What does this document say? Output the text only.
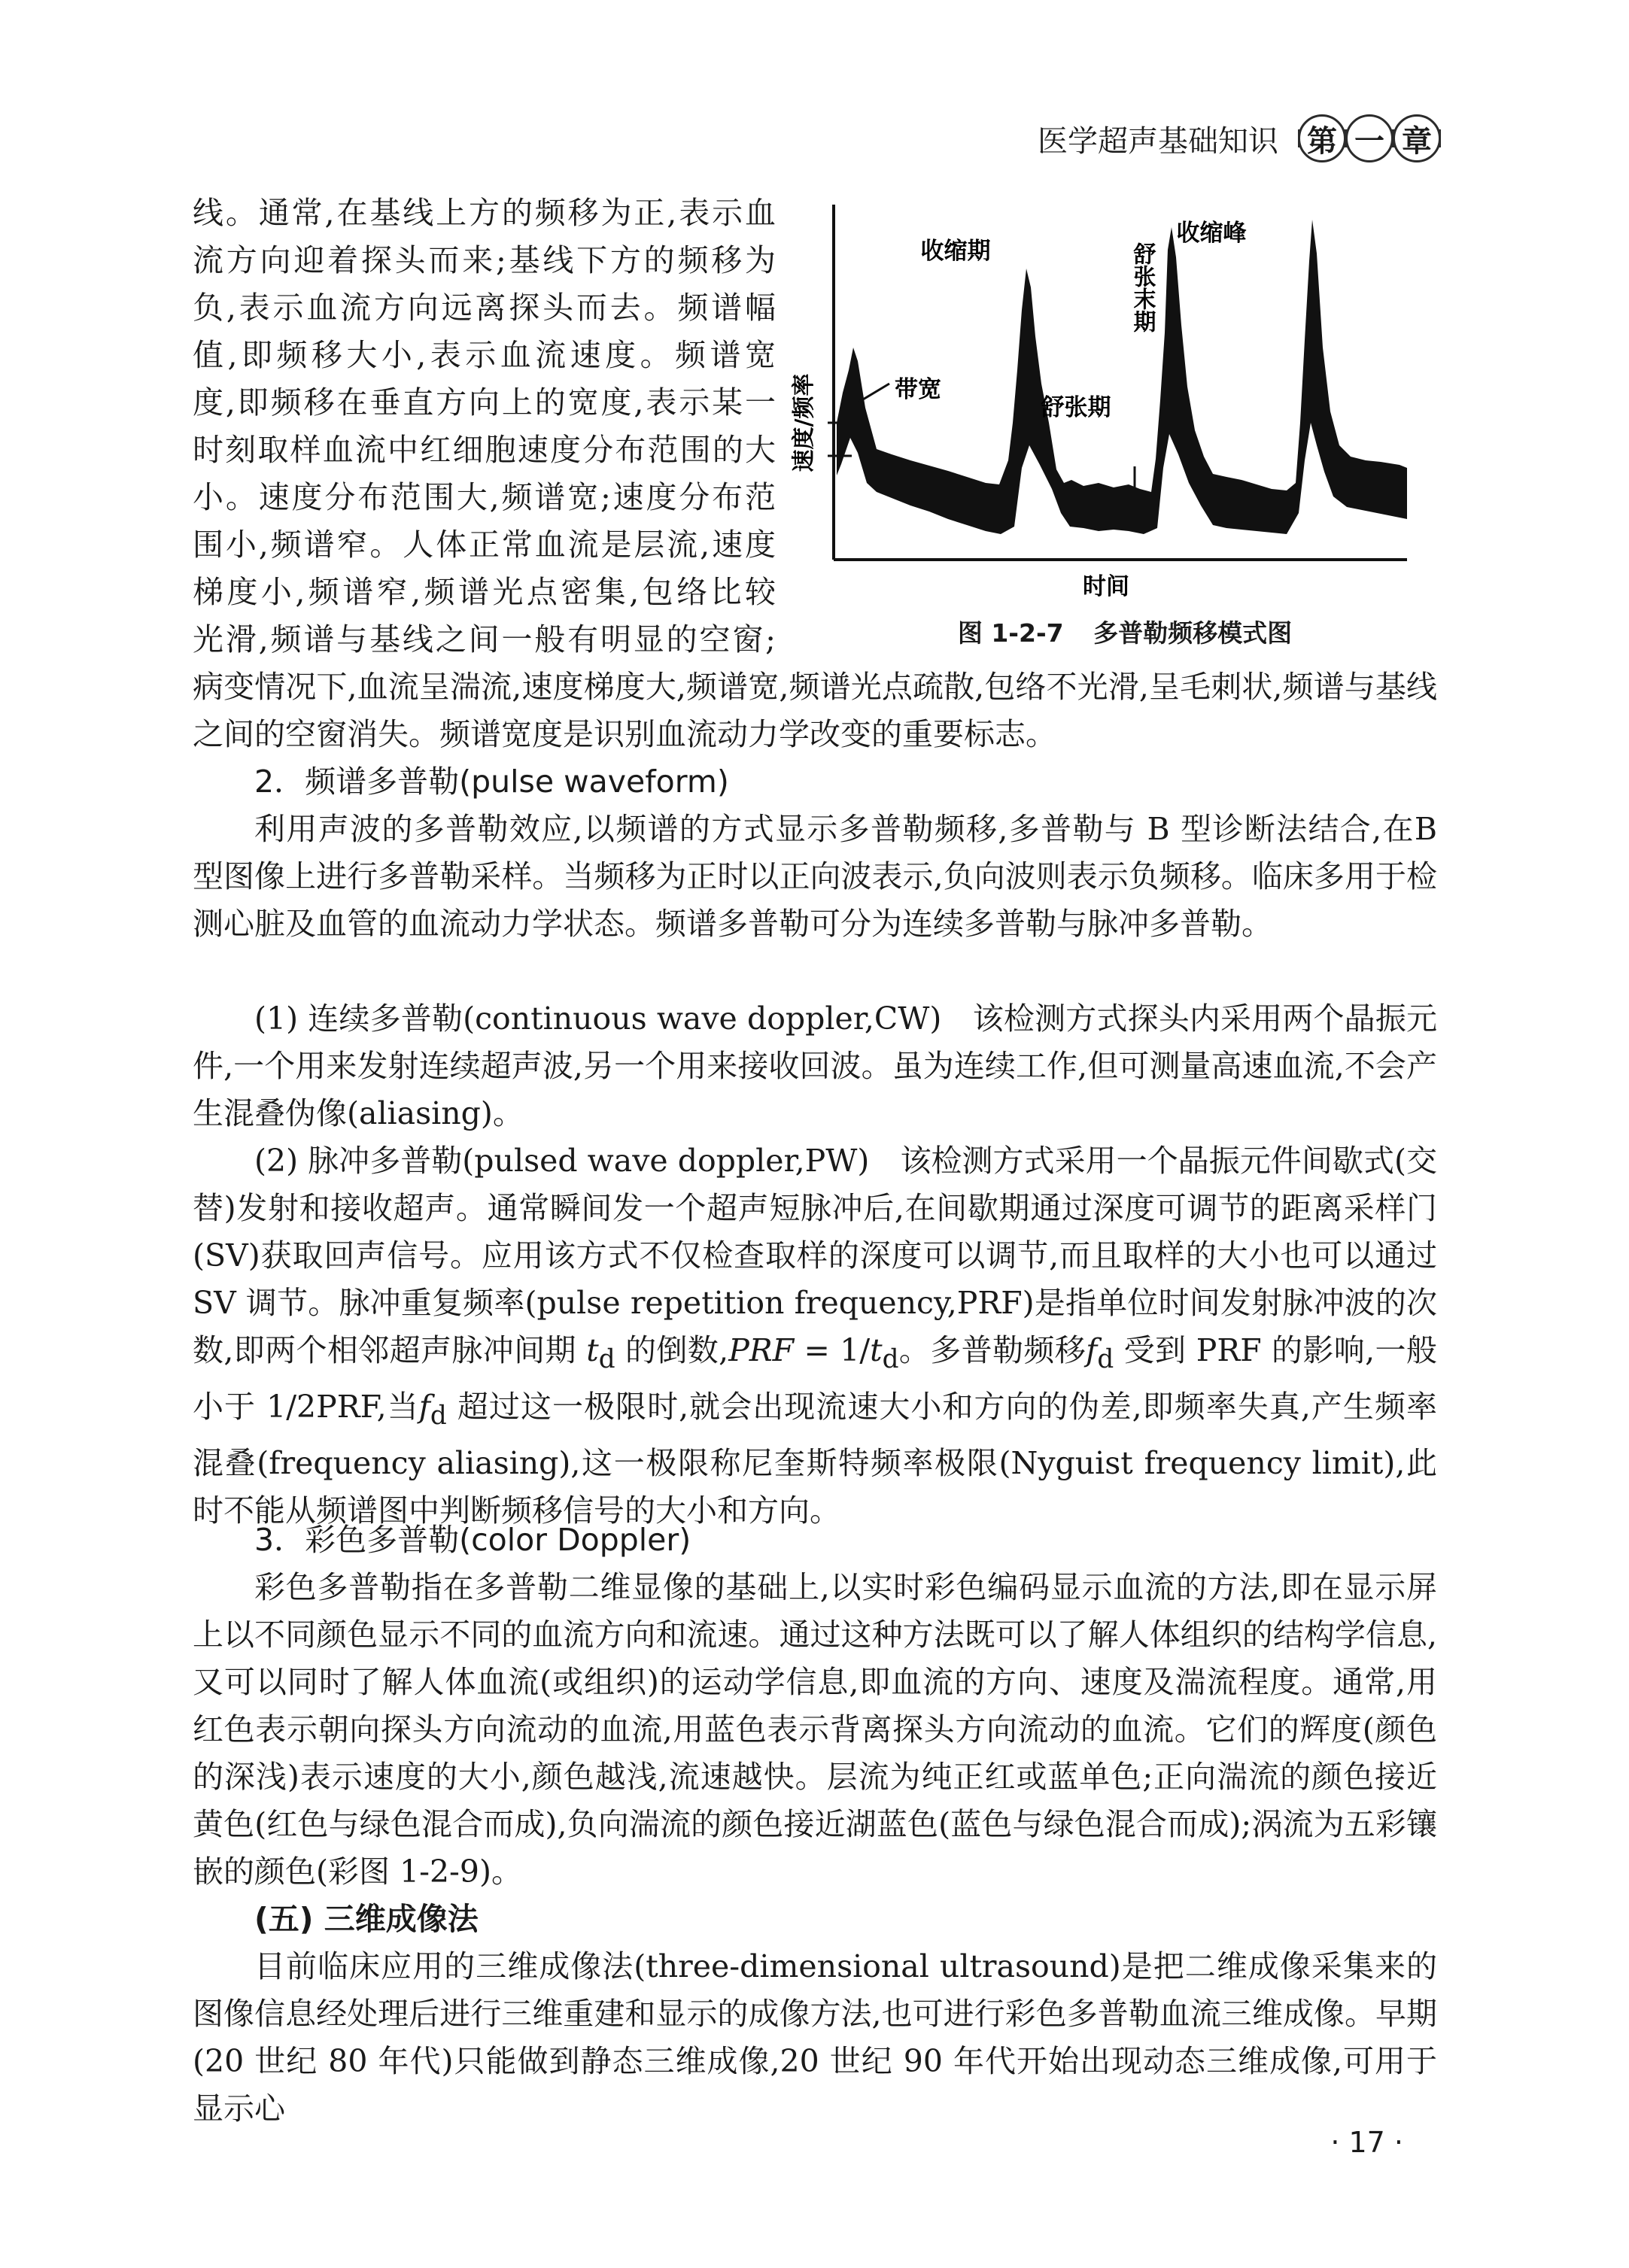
医学超声基础知识 第 一 章
线。通常,在基线上方的频移为正,表示血
流方向迎着探头而来;基线下方的频移为
负,表示血流方向远离探头而去。频谱幅
值,即频移大小,表示血流速度。频谱宽
度,即频移在垂直方向上的宽度,表示某一
时刻取样血流中红细胞速度分布范围的大
小。速度分布范围大,频谱宽;速度分布范
围小,频谱窄。人体正常血流是层流,速度
梯度小,频谱窄,频谱光点密集,包络比较
光滑,频谱与基线之间一般有明显的空窗;
速度/频率
收缩期
收缩峰
带宽
舒张期
舒张末期
时间
图 1-2-7 多普勒频移模式图

病变情况下,血流呈湍流,速度梯度大,频谱宽,频谱光点疏散,包络不光滑,呈毛刺状,频谱与基线之间的空窗消失。频谱宽度是识别血流动力学改变的重要标志。

2．频谱多普勒(pulse waveform)

利用声波的多普勒效应,以频谱的方式显示多普勒频移,多普勒与 B 型诊断法结合,在B 型图像上进行多普勒采样。当频移为正时以正向波表示,负向波则表示负频移。临床多用于检测心脏及血管的血流动力学状态。频谱多普勒可分为连续多普勒与脉冲多普勒。

(1) 连续多普勒(continuous wave doppler,CW)　 该检测方式探头内采用两个晶振元件,一个用来发射连续超声波,另一个用来接收回波。虽为连续工作,但可测量高速血流,不会产生混叠伪像(aliasing)。

(2) 脉冲多普勒(pulsed wave doppler,PW)　 该检测方式采用一个晶振元件间歇式(交替)发射和接收超声。通常瞬间发一个超声短脉冲后,在间歇期通过深度可调节的距离采样门(SV)获取回声信号。应用该方式不仅检查取样的深度可以调节,而且取样的大小也可以通过 SV 调节。脉冲重复频率(pulse repetition frequency,PRF)是指单位时间发射脉冲波的次数,即两个相邻超声脉冲间期 $t_d$ 的倒数$,PRF = 1/t_d$。多普勒频移$f_d$ 受到 PRF 的影响,一般小于 1/2PRF,当$f_d$ 超过这一极限时,就会出现流速大小和方向的伪差,即频率失真,产生频率混叠(frequency aliasing),这一极限称尼奎斯特频率极限(Nyguist frequency limit),此时不能从频谱图中判断频移信号的大小和方向。

3．彩色多普勒(color Doppler)

彩色多普勒指在多普勒二维显像的基础上,以实时彩色编码显示血流的方法,即在显示屏上以不同颜色显示不同的血流方向和流速。通过这种方法既可以了解人体组织的结构学信息,又可以同时了解人体血流(或组织)的运动学信息,即血流的方向、速度及湍流程度。通常,用红色表示朝向探头方向流动的血流,用蓝色表示背离探头方向流动的血流。它们的辉度(颜色的深浅)表示速度的大小,颜色越浅,流速越快。层流为纯正红或蓝单色;正向湍流的颜色接近黄色(红色与绿色混合而成),负向湍流的颜色接近湖蓝色(蓝色与绿色混合而成);涡流为五彩镶嵌的颜色(彩图 1-2-9)。

(五) 三维成像法

目前临床应用的三维成像法(three-dimensional ultrasound)是把二维成像采集来的图像信息经处理后进行三维重建和显示的成像方法,也可进行彩色多普勒血流三维成像。早期(20 世纪 80 年代)只能做到静态三维成像,20 世纪 90 年代开始出现动态三维成像,可用于显示心

· 17 ·
